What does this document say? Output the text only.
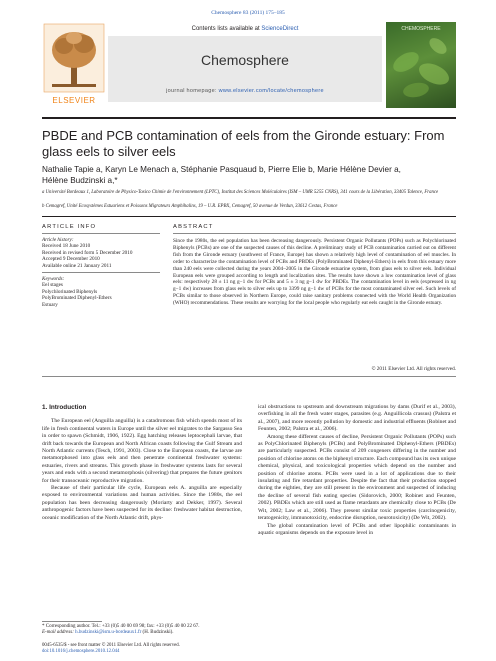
Chemosphere 83 (2011) 175–185
ELSEVIER
Contents lists available at ScienceDirect
Chemosphere
journal homepage: www.elsevier.com/locate/chemosphere
CHEMOSPHERE
PBDE and PCB contamination of eels from the Gironde estuary: From glass eels to silver eels
Nathalie Tapie a, Karyn Le Menach a, Stéphanie Pasquaud b, Pierre Elie b, Marie Hélène Devier a,
Hélène Budzinski a,*
a Université Bordeaux 1, Laboratoire de Physico-Toxico Chimie de l'environnement (LPTC), Institut des Sciences Moléculaires (ISM – UMR 5255 CNRS), 341 cours de la Libération, 33405 Talence, France
b Cemagref, Unité Ecosystèmes Estuariens et Poissons Migrateurs Amphihalins, 19 – U.R. EPBX, Cemagref, 50 avenue de Verdun, 33612 Cestas, France
ARTICLE INFO
Article history:
Received 18 June 2010
Received in revised form 5 December 2010
Accepted 9 December 2010
Available online 21 January 2011
Keywords:
Eel stages
Polychlorinated Biphenyls
PolyBrominated Diphenyl-Ethers
Estuary
ABSTRACT
Since the 1980s, the eel population has been decreasing dangerously. Persistent Organic Pollutants (POPs) such as Polychlorinated Biphenyls (PCBs) are one of the suspected causes of this decline. A preliminary study of PCB contamination carried out on different fish from the Gironde estuary (southwest of France, Europe) has shown a relatively high level of contamination of eel muscles. In order to characterize the contamination level of PCBs and PBDEs (PolyBrominated Diphenyl-Ethers) in eels from this estuary more than 240 eels were collected during the years 2004–2005 in the Gironde estuarine system, from glass eels to silver eels. Individual European eels were grouped according to length and localization sites. The results have shown a low contamination level of glass eels: respectively 28 ± 11 ng g−1 dw for PCBs and 5 ± 3 ng g−1 dw for PBDEs. The contamination level in eels (expressed in ng g−1 dw) increases from glass eels to silver eels up to 3399 ng g−1 dw of PCBs for the most contaminated silver eel. Such levels of PCBs similar to those observed in Northern Europe, could raise sanitary problems connected with the World Health Organization (WHO) recommendations. These results are worrying for the local people who regularly eat eels caught in the Gironde estuary.
© 2011 Elsevier Ltd. All rights reserved.
1. Introduction

The European eel (Anguilla anguilla) is a catadromous fish which spends most of its life in fresh continental waters in Europe until the silver eel migrates to the Sargasso Sea in order to spawn (Schmidt, 1906, 1922). Egg hatching releases leptocephali larvae, that drift back towards the European and North African coasts following the Gulf Stream and North Atlantic currents (Tesch, 1991, 2003). Close to the European coasts, the larvae are metamorphosed into glass eels and then penetrate continental freshwater systems: estuaries, rivers and streams. This growth phase in freshwater systems lasts for several years and ends with a second metamorphosis (silvering) that prepares the future genitors for their transoceanic reproductive migration.

Because of their particular life cycle, European eels A. anguilla are especially exposed to environmental variations and human activities. Since the 1980s, the eel population has been decreasing dangerously (Moriarty and Dekker, 1997). Several anthropogenic factors have been suspected for its decline: freshwater habitat destruction, oceanic modification of the North Atlantic drift, phys-

ical obstructions to upstream and downstream migrations by dams (Durif et al., 2003), overfishing in all the fresh water stages, parasites (e.g. Anguillicola crassus) (Palstra et al., 2007), and more recently pollution by domestic and industrial effluents (Robinet and Feunten, 2002; Palstra et al., 2006).

Among these different causes of decline, Persistent Organic Pollutants (POPs) such as PolyChlorinated Biphenyls (PCBs) and PolyBrominated Diphenyl-Ethers (PBDEs) are particularly suspected. PCBs consist of 209 congeners differing in the number and position of chlorine atoms on the biphenyl structure. Each compound has its own unique chemical, physical, and toxicological properties which depend on the number and position of chlorine atoms. PCBs were used in a lot of applications due to their insulating and fire retardant properties. Despite the fact that their production stopped during the eighties, they are still present in the environment and suspected of inducing the decline of several fish eating species (Sidorovich, 2000; Robinet and Feunten, 2002). PBDEs which are still used as flame retardants are chemically close to PCBs (De Wit, 2002; Law et al., 2006). They present similar toxic properties (carcinogenicity, teratogenicity, immunotoxicity, endocrine disruption, neurotoxicity) (De Wit, 2002).

The global contamination level of PCBs and other lipophilic contaminants in aquatic organisms depends on the exposure level in

* Corresponding author. Tel.: +33 (0)5 40 00 69 98; fax: +33 (0)5 40 00 22 67.
E-mail address: h.budzinski@ism.u-bordeaux1.fr (H. Budzinski).
0045-6535/$ - see front matter © 2011 Elsevier Ltd. All rights reserved.
doi:10.1016/j.chemosphere.2010.12.044
